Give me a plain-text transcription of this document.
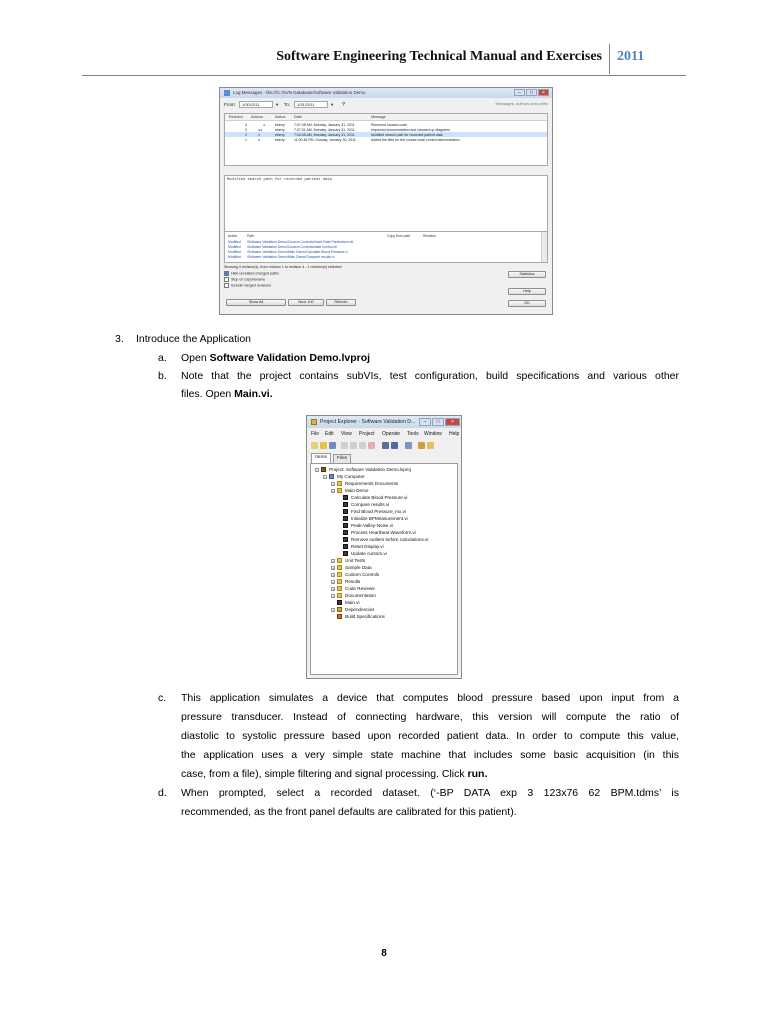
Software Engineering Technical Manual and Exercises 2011
Log Messages - file:///C:/SVN Database/Software Validation Demo	–	□	×
From:	1/30/2011	▾ To:	1/31/2011	▾ ⚲	Messages, authors and paths
Revision Actions	Author Date	Message
4	●	ekerry	7:07:45 AM, Monday, January 31, 2011	Removed unused code
3	●●	ekerry	7:07:31 AM, Monday, January 31, 2011	Improved documentation and cleaned up diagrams
2	●	ekerry	7:04:35 AM, Monday, January 31, 2011	Modified search path for recorded patient data
1	●	ekerry	11:00:46 PM, Sunday, January 30, 2011	Added the files for the course code control demonstration
Modified search path for recorded patient data
Action	Path	Copy from path	Revision
Modified /Software Validation Demo/Custom Controls/Heart Rate Parameters.ctl
Modified /Software Validation Demo/Custom Controls/state control.ctl
Modified /Software Validation Demo/Main Demo/Calculate Blood Pressure.vi
Modified /Software Validation Demo/Main Demo/Compare results.vi
Showing 4 revision(s), from revision 1 to revision 4 - 1 revision(s) selected
Hide unrelated changed paths
Stop on copy/rename
Include merged revisions
Statistics
Help
Show All	Next 100	Refresh	OK
3. Introduce the Application
a. Open Software Validation Demo.lvproj
b. Note that the project contains subVIs, test configuration, build specifications and various other
files. Open Main.vi.
Project Explorer - Software Validation D...	–	□	×
File Edit View Project Operate Tools Window Help
Items	Files
− Project: Software Validation Demo.lvproj
− My Computer
+ Requirements Documents
− Main Demo
Calculate Blood Pressure.vi
Compare results.vi
Find Blood Pressure_mx.vi
Initialize BPMeasurement.vi
Peak-Valley-Noise.vi
Process Heartbeat Waveform.vi
Remove outliers before calculations.vi
Reset Display.vi
Update cursors.vi
+ Unit Tests
+ Sample Data
+ Custom Controls
+ Results
+ Code Reviews
+ Documentation
Main.vi
+ Dependencies
Build Specifications
c. This application simulates a device that computes blood pressure based upon input from a
pressure transducer. Instead of connecting hardware, this version will compute the ratio of
diastolic to systolic pressure based upon recorded patient data. In order to compute this value,
the application uses a very simple state machine that includes some basic acquisition (in this
case, from a file), simple filtering and signal processing. Click run.
d. When prompted, select a recorded dataset. (‘-BP DATA exp 3 123x76 62 BPM.tdms’ is
recommended, as the front panel defaults are calibrated for this patient).
8
